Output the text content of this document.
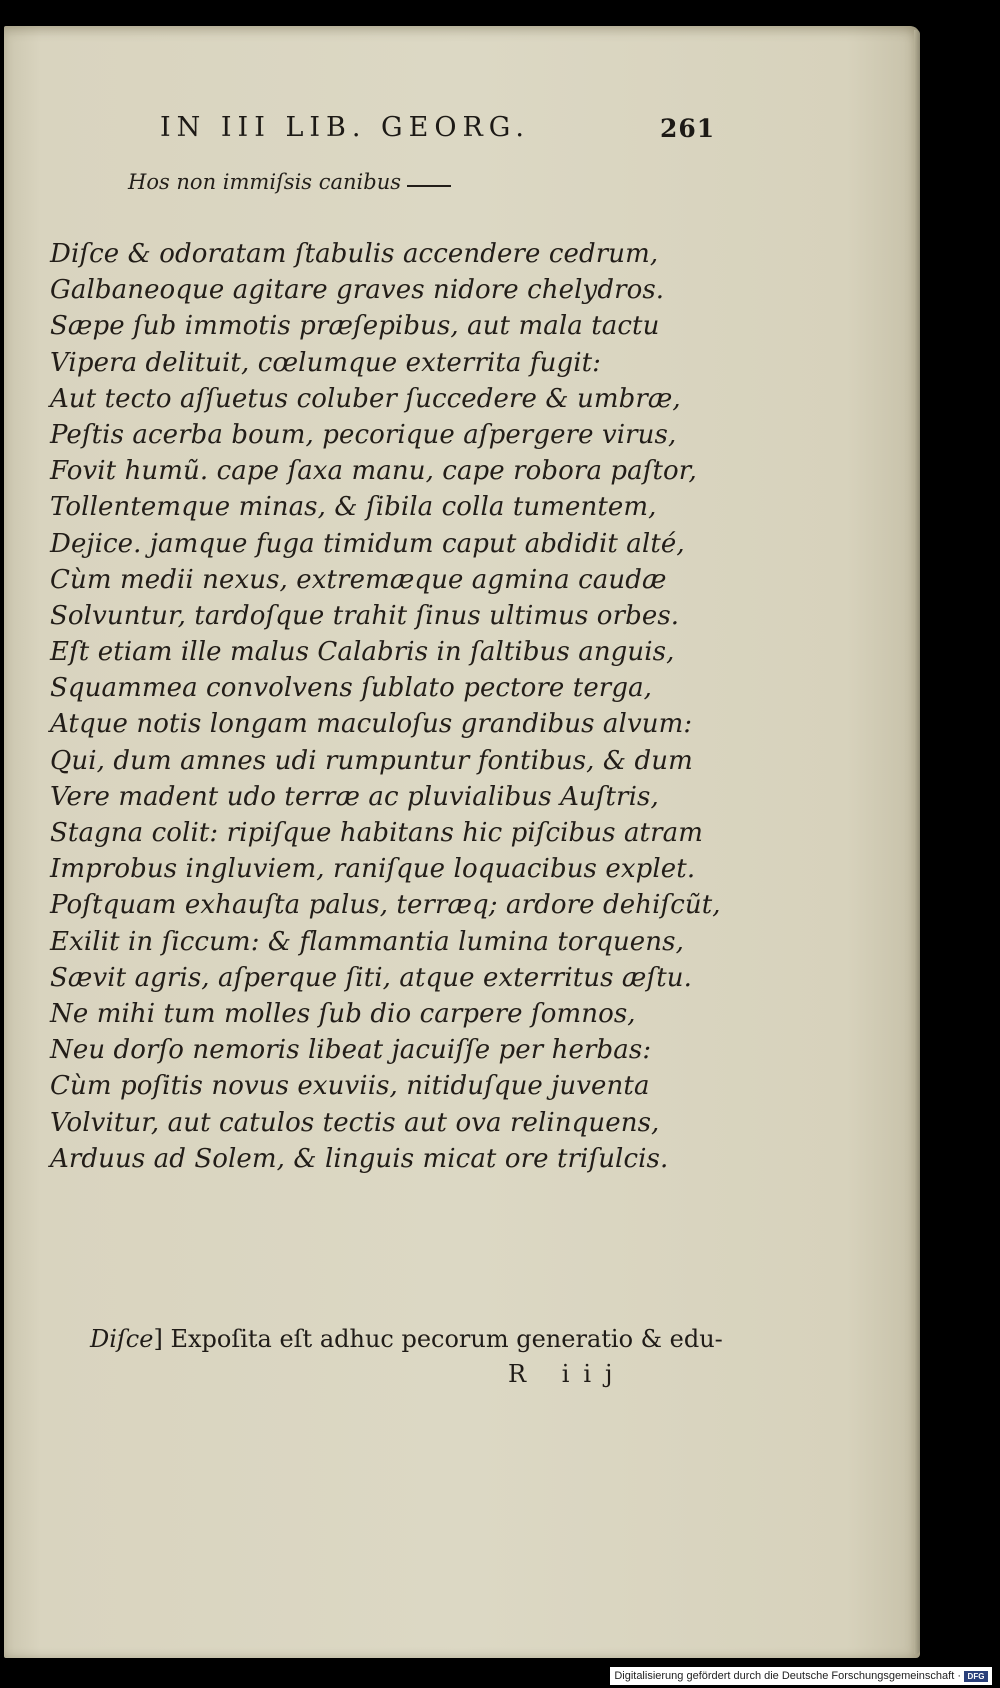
IN III LIB. GEORG.	261
Hos non immiſsis canibus
Diſce & odoratam ſtabulis accendere cedrum,
Galbaneoque agitare graves nidore chelydros.
Sæpe ſub immotis præſepibus, aut mala tactu
Vipera delituit, cœlumque exterrita fugit:
Aut tecto aſſuetus coluber ſuccedere & umbræ,
Peſtis acerba boum, pecorique aſpergere virus,
Fovit humũ. cape ſaxa manu, cape robora paſtor,
Tollentemque minas, & ſibila colla tumentem,
Dejice. jamque fuga timidum caput abdidit alté,
Cùm medii nexus, extremæque agmina caudæ
Solvuntur, tardoſque trahit ſinus ultimus orbes.
Eſt etiam ille malus Calabris in ſaltibus anguis,
Squammea convolvens ſublato pectore terga,
Atque notis longam maculoſus grandibus alvum:
Qui, dum amnes udi rumpuntur fontibus, & dum
Vere madent udo terræ ac pluvialibus Auſtris,
Stagna colit: ripiſque habitans hic piſcibus atram
Improbus ingluviem, raniſque loquacibus explet.
Poſtquam exhauſta palus, terræq; ardore dehiſcũt,
Exilit in ſiccum: & flammantia lumina torquens,
Sævit agris, aſperque ſiti, atque exterritus æſtu.
Ne mihi tum molles ſub dio carpere ſomnos,
Neu dorſo nemoris libeat jacuiſſe per herbas:
Cùm poſitis novus exuviis, nitiduſque juventa
Volvitur, aut catulos tectis aut ova relinquens,
Arduus ad Solem, & linguis micat ore triſulcis.
Diſce] Expoſita eſt adhuc pecorum generatio & edu-
R iij
Digitalisierung gefördert durch die Deutsche Forschungsgemeinschaft · DFG
